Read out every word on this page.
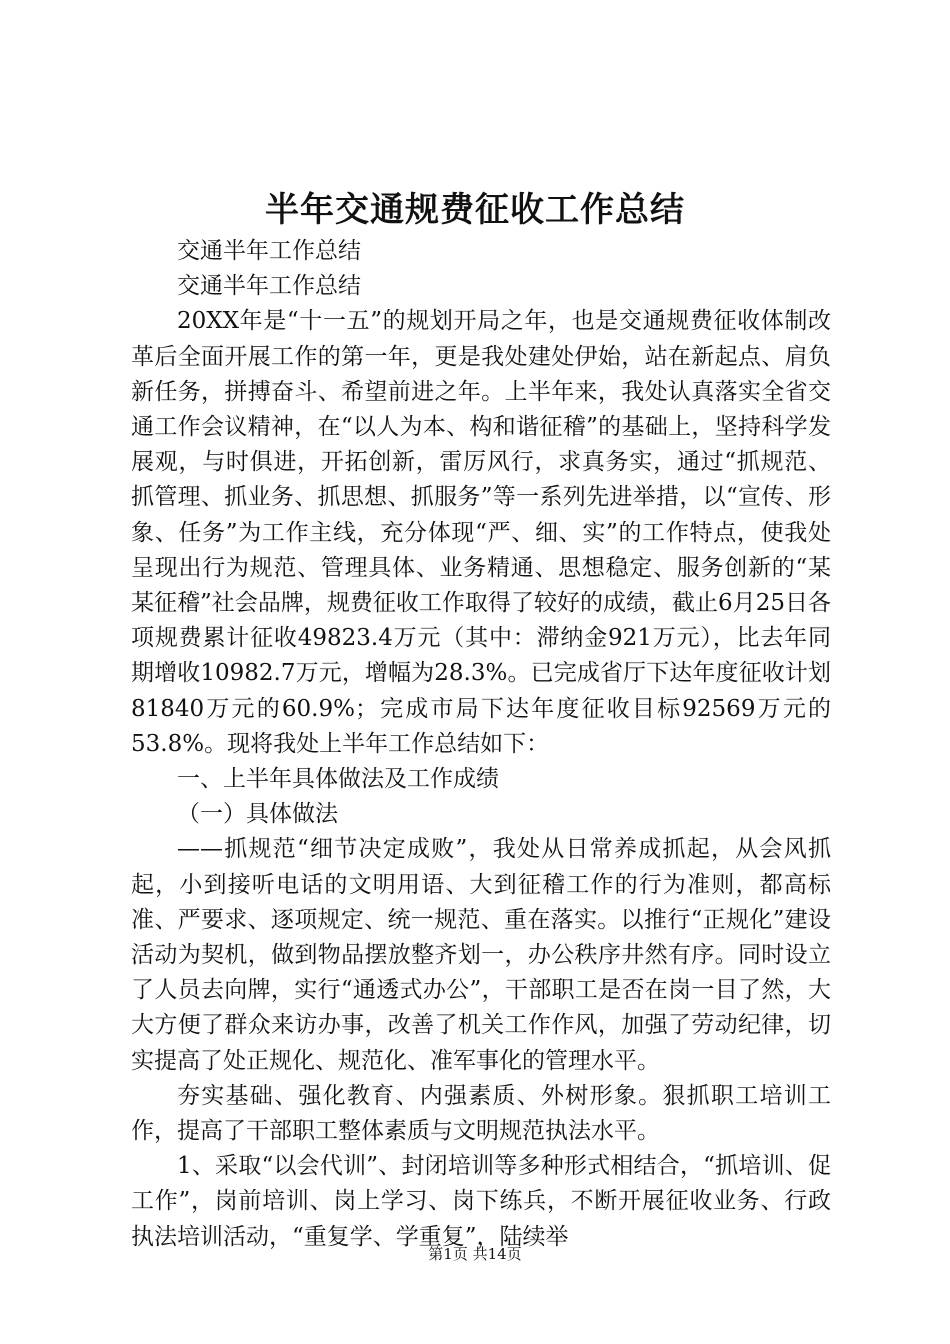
半年交通规费征收工作总结

交通半年工作总结

交通半年工作总结

20XX年是“十一五”的规划开局之年，也是交通规费征收体制改革后全面开展工作的第一年，更是我处建处伊始，站在新起点、肩负新任务，拼搏奋斗、希望前进之年。上半年来，我处认真落实全省交通工作会议精神，在“以人为本、构和谐征稽”的基础上，坚持科学发展观，与时俱进，开拓创新，雷厉风行，求真务实，通过“抓规范、抓管理、抓业务、抓思想、抓服务”等一系列先进举措，以“宣传、形象、任务”为工作主线，充分体现“严、细、实”的工作特点，使我处呈现出行为规范、管理具体、业务精通、思想稳定、服务创新的“某某征稽”社会品牌，规费征收工作取得了较好的成绩，截止6月25日各项规费累计征收49823.4万元（其中：滞纳金921万元），比去年同期增收10982.7万元，增幅为28.3%。已完成省厅下达年度征收计划81840万元的60.9%；完成市局下达年度征收目标92569万元的53.8%。现将我处上半年工作总结如下：

一、上半年具体做法及工作成绩

（一）具体做法

——抓规范“细节决定成败”，我处从日常养成抓起，从会风抓起，小到接听电话的文明用语、大到征稽工作的行为准则，都高标准、严要求、逐项规定、统一规范、重在落实。以推行“正规化”建设活动为契机，做到物品摆放整齐划一，办公秩序井然有序。同时设立了人员去向牌，实行“通透式办公”，干部职工是否在岗一目了然，大大方便了群众来访办事，改善了机关工作作风，加强了劳动纪律，切实提高了处正规化、规范化、准军事化的管理水平。

夯实基础、强化教育、内强素质、外树形象。狠抓职工培训工作，提高了干部职工整体素质与文明规范执法水平。

1、采取“以会代训”、封闭培训等多种形式相结合，“抓培训、促工作”，岗前培训、岗上学习、岗下练兵，不断开展征收业务、行政执法培训活动，“重复学、学重复”，陆续举

第1页 共14页
